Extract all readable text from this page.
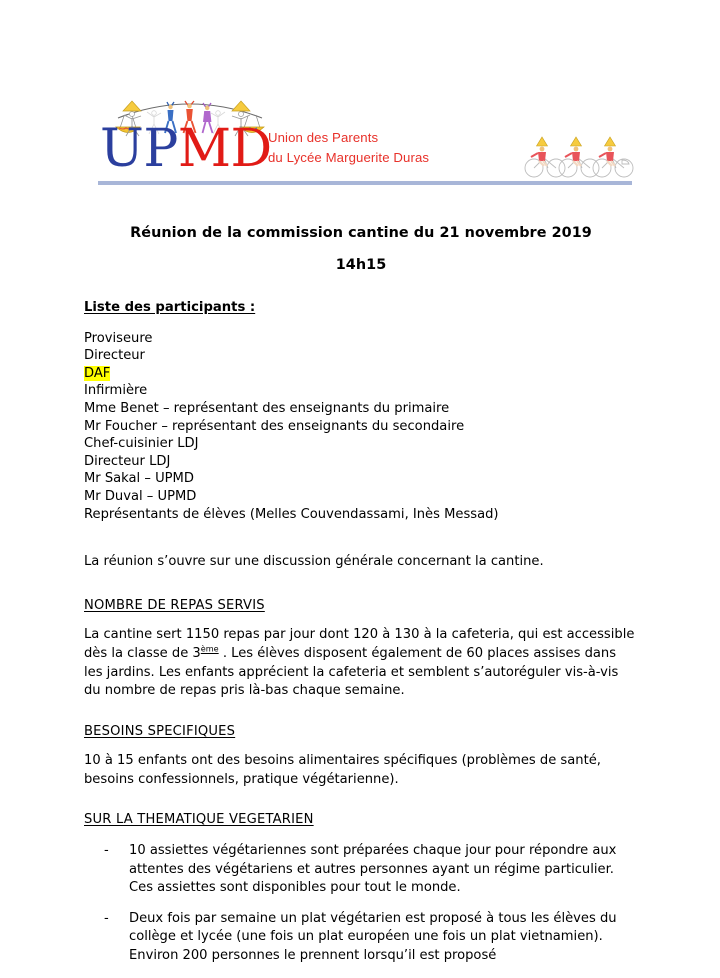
UPMD
Union des Parents
du Lycée Marguerite Duras
Réunion de la commission cantine du 21 novembre 2019
14h15
Liste des participants :
Proviseure
Directeur
DAF
Infirmière
Mme Benet – représentant des enseignants du primaire
Mr Foucher – représentant des enseignants du secondaire
Chef-cuisinier LDJ
Directeur LDJ
Mr Sakal – UPMD
Mr Duval – UPMD
Représentants de élèves (Melles Couvendassami, Inès Messad)
La réunion s’ouvre sur une discussion générale concernant la cantine.
NOMBRE DE REPAS SERVIS
La cantine sert 1150 repas par jour dont 120 à 130 à la cafeteria, qui est accessible dès la classe de 3ème . Les élèves disposent également de 60 places assises dans les jardins. Les enfants apprécient la cafeteria et semblent s’autoréguler vis-à-vis du nombre de repas pris là-bas chaque semaine.
BESOINS SPECIFIQUES
10 à 15 enfants ont des besoins alimentaires spécifiques (problèmes de santé, besoins confessionnels, pratique végétarienne).
SUR LA THEMATIQUE VEGETARIEN
- 10 assiettes végétariennes sont préparées chaque jour pour répondre aux attentes des végétariens et autres personnes ayant un régime particulier. Ces assiettes sont disponibles pour tout le monde.
- Deux fois par semaine un plat végétarien est proposé à tous les élèves du collège et lycée (une fois un plat européen une fois un plat vietnamien). Environ 200 personnes le prennent lorsqu’il est proposé
